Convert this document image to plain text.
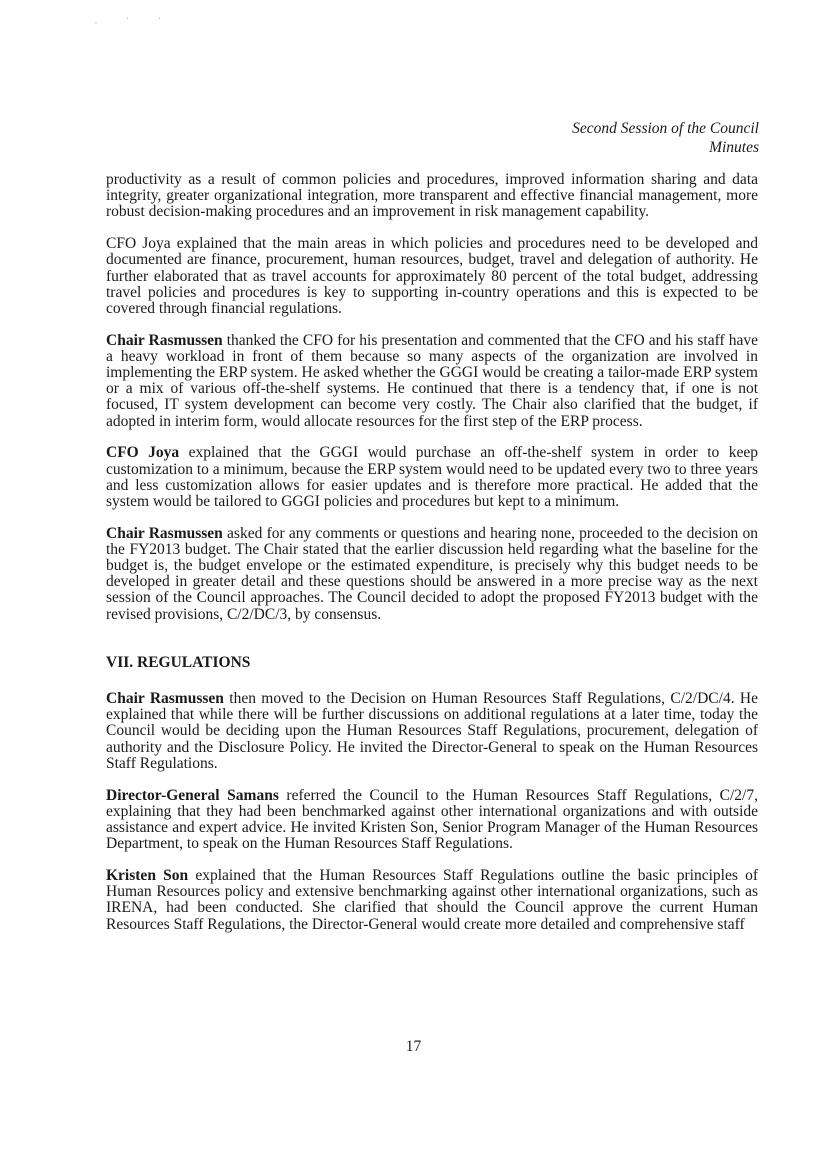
, ' '
Second Session of the Council
Minutes

productivity as a result of common policies and procedures, improved information sharing and data integrity, greater organizational integration, more transparent and effective financial management, more robust decision-making procedures and an improvement in risk management capability.

CFO Joya explained that the main areas in which policies and procedures need to be developed and documented are finance, procurement, human resources, budget, travel and delegation of authority. He further elaborated that as travel accounts for approximately 80 percent of the total budget, addressing travel policies and procedures is key to supporting in-country operations and this is expected to be covered through financial regulations.

Chair Rasmussen thanked the CFO for his presentation and commented that the CFO and his staff have a heavy workload in front of them because so many aspects of the organization are involved in implementing the ERP system. He asked whether the GGGI would be creating a tailor-made ERP system or a mix of various off-the-shelf systems. He continued that there is a tendency that, if one is not focused, IT system development can become very costly. The Chair also clarified that the budget, if adopted in interim form, would allocate resources for the first step of the ERP process.

CFO Joya explained that the GGGI would purchase an off-the-shelf system in order to keep customization to a minimum, because the ERP system would need to be updated every two to three years and less customization allows for easier updates and is therefore more practical. He added that the system would be tailored to GGGI policies and procedures but kept to a minimum.

Chair Rasmussen asked for any comments or questions and hearing none, proceeded to the decision on the FY2013 budget. The Chair stated that the earlier discussion held regarding what the baseline for the budget is, the budget envelope or the estimated expenditure, is precisely why this budget needs to be developed in greater detail and these questions should be answered in a more precise way as the next session of the Council approaches. The Council decided to adopt the proposed FY2013 budget with the revised provisions, C/2/DC/3, by consensus.

VII. REGULATIONS

Chair Rasmussen then moved to the Decision on Human Resources Staff Regulations, C/2/DC/4. He explained that while there will be further discussions on additional regulations at a later time, today the Council would be deciding upon the Human Resources Staff Regulations, procurement, delegation of authority and the Disclosure Policy. He invited the Director-General to speak on the Human Resources Staff Regulations.

Director-General Samans referred the Council to the Human Resources Staff Regulations, C/2/7, explaining that they had been benchmarked against other international organizations and with outside assistance and expert advice. He invited Kristen Son, Senior Program Manager of the Human Resources Department, to speak on the Human Resources Staff Regulations.

Kristen Son explained that the Human Resources Staff Regulations outline the basic principles of Human Resources policy and extensive benchmarking against other international organizations, such as IRENA, had been conducted. She clarified that should the Council approve the current Human Resources Staff Regulations, the Director-General would create more detailed and comprehensive staff

17
